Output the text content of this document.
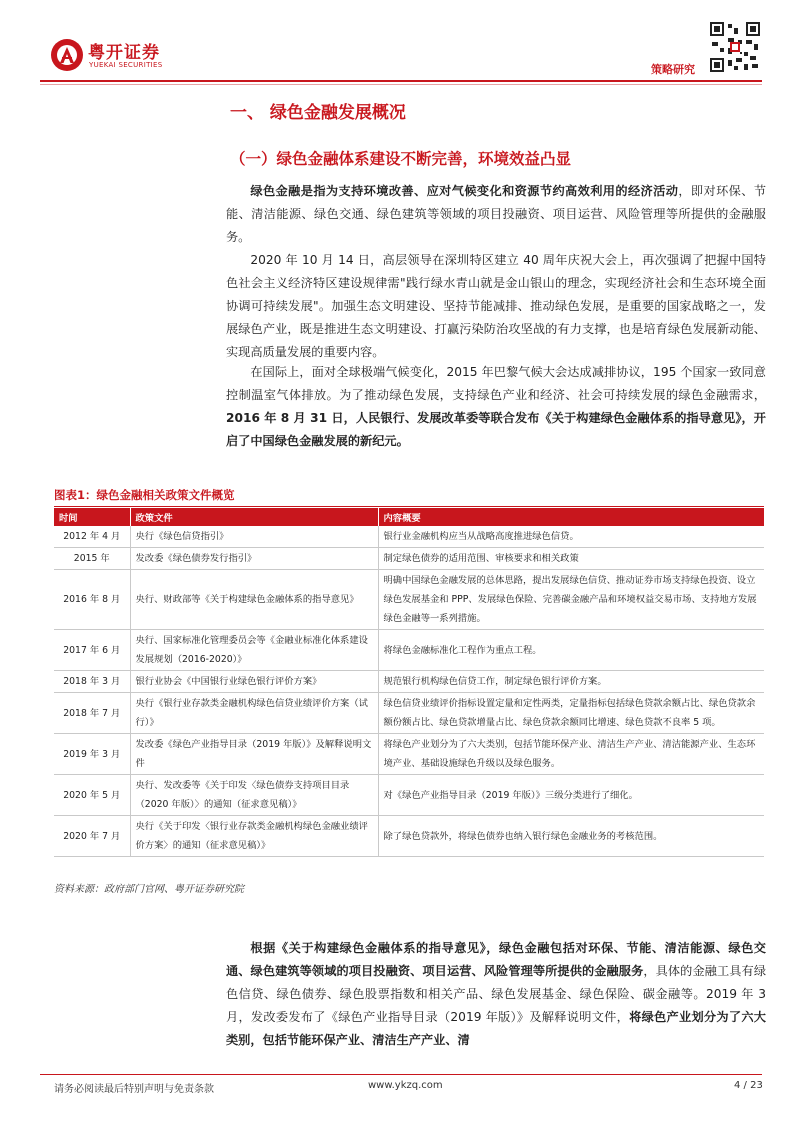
粤开证券
YUEKAI SECURITIES	策略研究
一、 绿色金融发展概况
（一）绿色金融体系建设不断完善，环境效益凸显

绿色金融是指为支持环境改善、应对气候变化和资源节约高效利用的经济活动，即对环保、节能、清洁能源、绿色交通、绿色建筑等领域的项目投融资、项目运营、风险管理等所提供的金融服务。

2020 年 10 月 14 日，高层领导在深圳特区建立 40 周年庆祝大会上，再次强调了把握中国特色社会主义经济特区建设规律需"践行绿水青山就是金山银山的理念，实现经济社会和生态环境全面协调可持续发展"。加强生态文明建设、坚持节能减排、推动绿色发展，是重要的国家战略之一，发展绿色产业，既是推进生态文明建设、打赢污染防治攻坚战的有力支撑，也是培育绿色发展新动能、实现高质量发展的重要内容。

在国际上，面对全球极端气候变化，2015 年巴黎气候大会达成减排协议，195 个国家一致同意控制温室气体排放。为了推动绿色发展，支持绿色产业和经济、社会可持续发展的绿色金融需求，2016 年 8 月 31 日，人民银行、发展改革委等联合发布《关于构建绿色金融体系的指导意见》，开启了中国绿色金融发展的新纪元。

图表1：绿色金融相关政策文件概览
时间	政策文件	内容概要
2012 年 4 月	央行《绿色信贷指引》	银行业金融机构应当从战略高度推进绿色信贷。
2015 年	发改委《绿色债券发行指引》	制定绿色债券的适用范围、审核要求和相关政策
2016 年 8 月	央行、财政部等《关于构建绿色金融体系的指导意见》	明确中国绿色金融发展的总体思路，提出发展绿色信贷、推动证券市场支持绿色投资、设立绿色发展基金和 PPP、发展绿色保险、完善碳金融产品和环境权益交易市场、支持地方发展绿色金融等一系列措施。
2017 年 6 月	央行、国家标准化管理委员会等《金融业标准化体系建设发展规划（2016-2020）》	将绿色金融标准化工程作为重点工程。
2018 年 3 月	银行业协会《中国银行业绿色银行评价方案》	规范银行机构绿色信贷工作，制定绿色银行评价方案。
2018 年 7 月	央行《银行业存款类金融机构绿色信贷业绩评价方案（试行）》	绿色信贷业绩评价指标设置定量和定性两类，定量指标包括绿色贷款余额占比、绿色贷款余额份额占比、绿色贷款增量占比、绿色贷款余额同比增速、绿色贷款不良率 5 项。
2019 年 3 月	发改委《绿色产业指导目录（2019 年版）》及解释说明文件	将绿色产业划分为了六大类别，包括节能环保产业、清洁生产产业、清洁能源产业、生态环境产业、基础设施绿色升级以及绿色服务。
2020 年 5 月	央行、发改委等《关于印发〈绿色债券支持项目目录（2020 年版）〉的通知（征求意见稿）》	对《绿色产业指导目录（2019 年版）》三级分类进行了细化。
2020 年 7 月	央行《关于印发〈银行业存款类金融机构绿色金融业绩评价方案〉的通知（征求意见稿）》	除了绿色贷款外，将绿色债券也纳入银行绿色金融业务的考核范围。
资料来源：政府部门官网、粤开证券研究院

根据《关于构建绿色金融体系的指导意见》，绿色金融包括对环保、节能、清洁能源、绿色交通、绿色建筑等领域的项目投融资、项目运营、风险管理等所提供的金融服务，具体的金融工具有绿色信贷、绿色债券、绿色股票指数和相关产品、绿色发展基金、绿色保险、碳金融等。2019 年 3 月，发改委发布了《绿色产业指导目录（2019 年版）》及解释说明文件，将绿色产业划分为了六大类别，包括节能环保产业、清洁生产产业、清

请务必阅读最后特别声明与免责条款	www.ykzq.com	4 / 23
